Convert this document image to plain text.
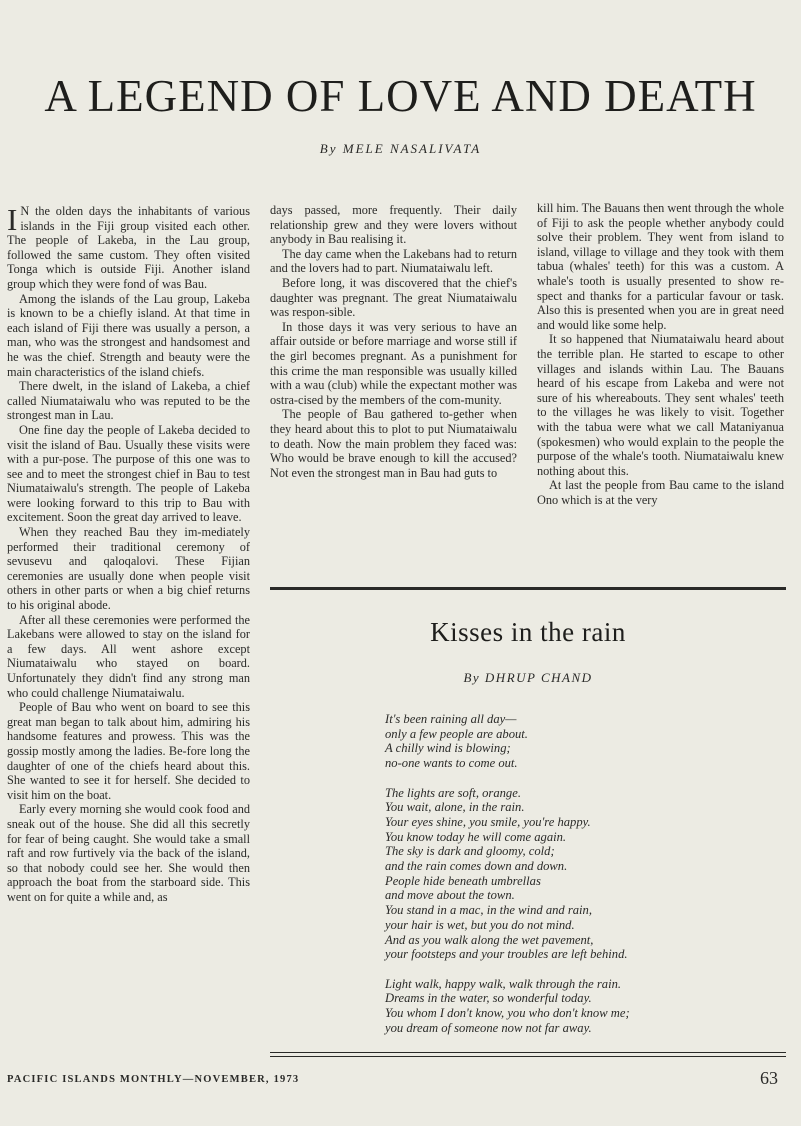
A LEGEND OF LOVE AND DEATH
By MELE NASALIVATA

I N the olden days the inhabitants of various islands in the Fiji group visited each other. The people of Lakeba, in the Lau group, followed the same custom. They often visited Tonga which is outside Fiji. Another island group which they were fond of was Bau.

Among the islands of the Lau group, Lakeba is known to be a chiefly island. At that time in each island of Fiji there was usually a person, a man, who was the strongest and handsomest and he was the chief. Strength and beauty were the main characteristics of the island chiefs.

There dwelt, in the island of Lakeba, a chief called Niumataiwalu who was reputed to be the strongest man in Lau.

One fine day the people of Lakeba decided to visit the island of Bau. Usually these visits were with a pur-pose. The purpose of this one was to see and to meet the strongest chief in Bau to test Niumataiwalu's strength. The people of Lakeba were looking forward to this trip to Bau with excitement. Soon the great day arrived to leave.

When they reached Bau they im-mediately performed their traditional ceremony of sevusevu and qaloqalovi. These Fijian ceremonies are usually done when people visit others in other parts or when a big chief returns to his original abode.

After all these ceremonies were performed the Lakebans were allowed to stay on the island for a few days. All went ashore except Niumataiwalu who stayed on board. Unfortunately they didn't find any strong man who could challenge Niumataiwalu.

People of Bau who went on board to see this great man began to talk about him, admiring his handsome features and prowess. This was the gossip mostly among the ladies. Be-fore long the daughter of one of the chiefs heard about this. She wanted to see it for herself. She decided to visit him on the boat.

Early every morning she would cook food and sneak out of the house. She did all this secretly for fear of being caught. She would take a small raft and row furtively via the back of the island, so that nobody could see her. She would then approach the boat from the starboard side. This went on for quite a while and, as

days passed, more frequently. Their daily relationship grew and they were lovers without anybody in Bau realising it.

The day came when the Lakebans had to return and the lovers had to part. Niumataiwalu left.

Before long, it was discovered that the chief's daughter was pregnant. The great Niumataiwalu was respon-sible.

In those days it was very serious to have an affair outside or before marriage and worse still if the girl becomes pregnant. As a punishment for this crime the man responsible was usually killed with a wau (club) while the expectant mother was ostra-cised by the members of the com-munity.

The people of Bau gathered to-gether when they heard about this to plot to put Niumataiwalu to death. Now the main problem they faced was: Who would be brave enough to kill the accused? Not even the strongest man in Bau had guts to

kill him. The Bauans then went through the whole of Fiji to ask the people whether anybody could solve their problem. They went from island to island, village to village and they took with them tabua (whales' teeth) for this was a custom. A whale's tooth is usually presented to show re-spect and thanks for a particular favour or task. Also this is presented when you are in great need and would like some help.

It so happened that Niumataiwalu heard about the terrible plan. He started to escape to other villages and islands within Lau. The Bauans heard of his escape from Lakeba and were not sure of his whereabouts. They sent whales' teeth to the villages he was likely to visit. Together with the tabua were what we call Mataniyanua (spokesmen) who would explain to the people the purpose of the whale's tooth. Niumataiwalu knew nothing about this.

At last the people from Bau came to the island Ono which is at the very

Kisses in the rain
By DHRUP CHAND
It's been raining all day—
only a few people are about.
A chilly wind is blowing;
no-one wants to come out.
The lights are soft, orange.
You wait, alone, in the rain.
Your eyes shine, you smile, you're happy.
You know today he will come again.
The sky is dark and gloomy, cold;
and the rain comes down and down.
People hide beneath umbrellas
and move about the town.
You stand in a mac, in the wind and rain,
your hair is wet, but you do not mind.
And as you walk along the wet pavement,
your footsteps and your troubles are left behind.
Light walk, happy walk, walk through the rain.
Dreams in the water, so wonderful today.
You whom I don't know, you who don't know me;
you dream of someone now not far away.
PACIFIC ISLANDS MONTHLY—NOVEMBER, 1973	63
